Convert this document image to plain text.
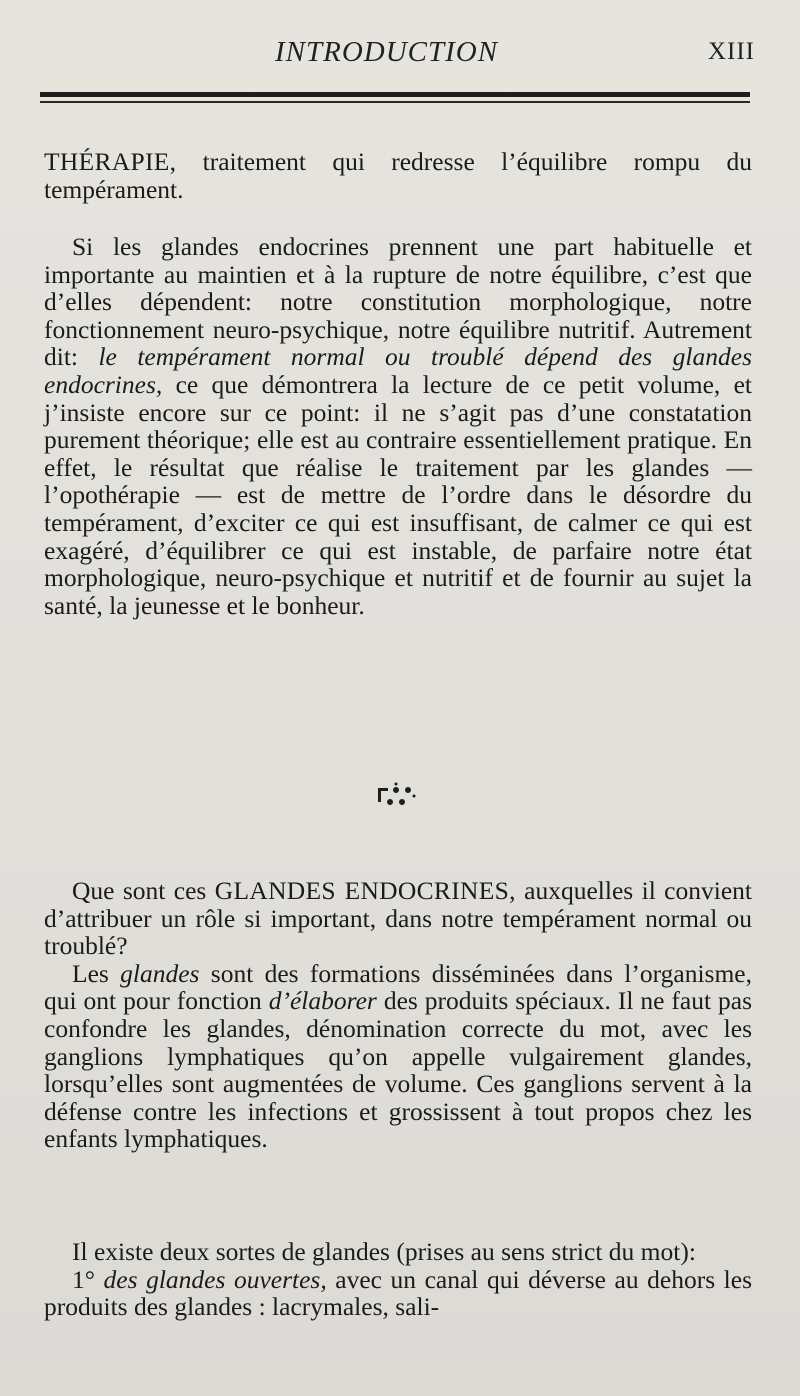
INTRODUCTION	XIII

THÉRAPIE, traitement qui redresse l’équilibre rompu du tempérament.

Si les glandes endocrines prennent une part habituelle et importante au maintien et à la rupture de notre équilibre, c’est que d’elles dépendent: notre constitution morphologique, notre fonctionnement neuro-psychique, notre équilibre nutritif. Autrement dit: le tempérament normal ou troublé dépend des glandes endocrines, ce que démontrera la lecture de ce petit volume, et j’insiste encore sur ce point: il ne s’agit pas d’une constatation purement théorique; elle est au contraire essentiellement pratique. En effet, le résultat que réalise le traitement par les glandes — l’opothérapie — est de mettre de l’ordre dans le désordre du tempérament, d’exciter ce qui est insuffisant, de calmer ce qui est exagéré, d’équilibrer ce qui est instable, de parfaire notre état morphologique, neuro-psychique et nutritif et de fournir au sujet la santé, la jeunesse et le bonheur.

Que sont ces GLANDES ENDOCRINES, auxquelles il convient d’attribuer un rôle si important, dans notre tempérament normal ou troublé?

Les glandes sont des formations disséminées dans l’organisme, qui ont pour fonction d’élaborer des produits spéciaux. Il ne faut pas confondre les glandes, dénomination correcte du mot, avec les ganglions lymphatiques qu’on appelle vulgairement glandes, lorsqu’elles sont augmentées de volume. Ces ganglions servent à la défense contre les infections et grossissent à tout propos chez les enfants lymphatiques.

Il existe deux sortes de glandes (prises au sens strict du mot):

1° des glandes ouvertes, avec un canal qui déverse au dehors les produits des glandes : lacrymales, sali-
